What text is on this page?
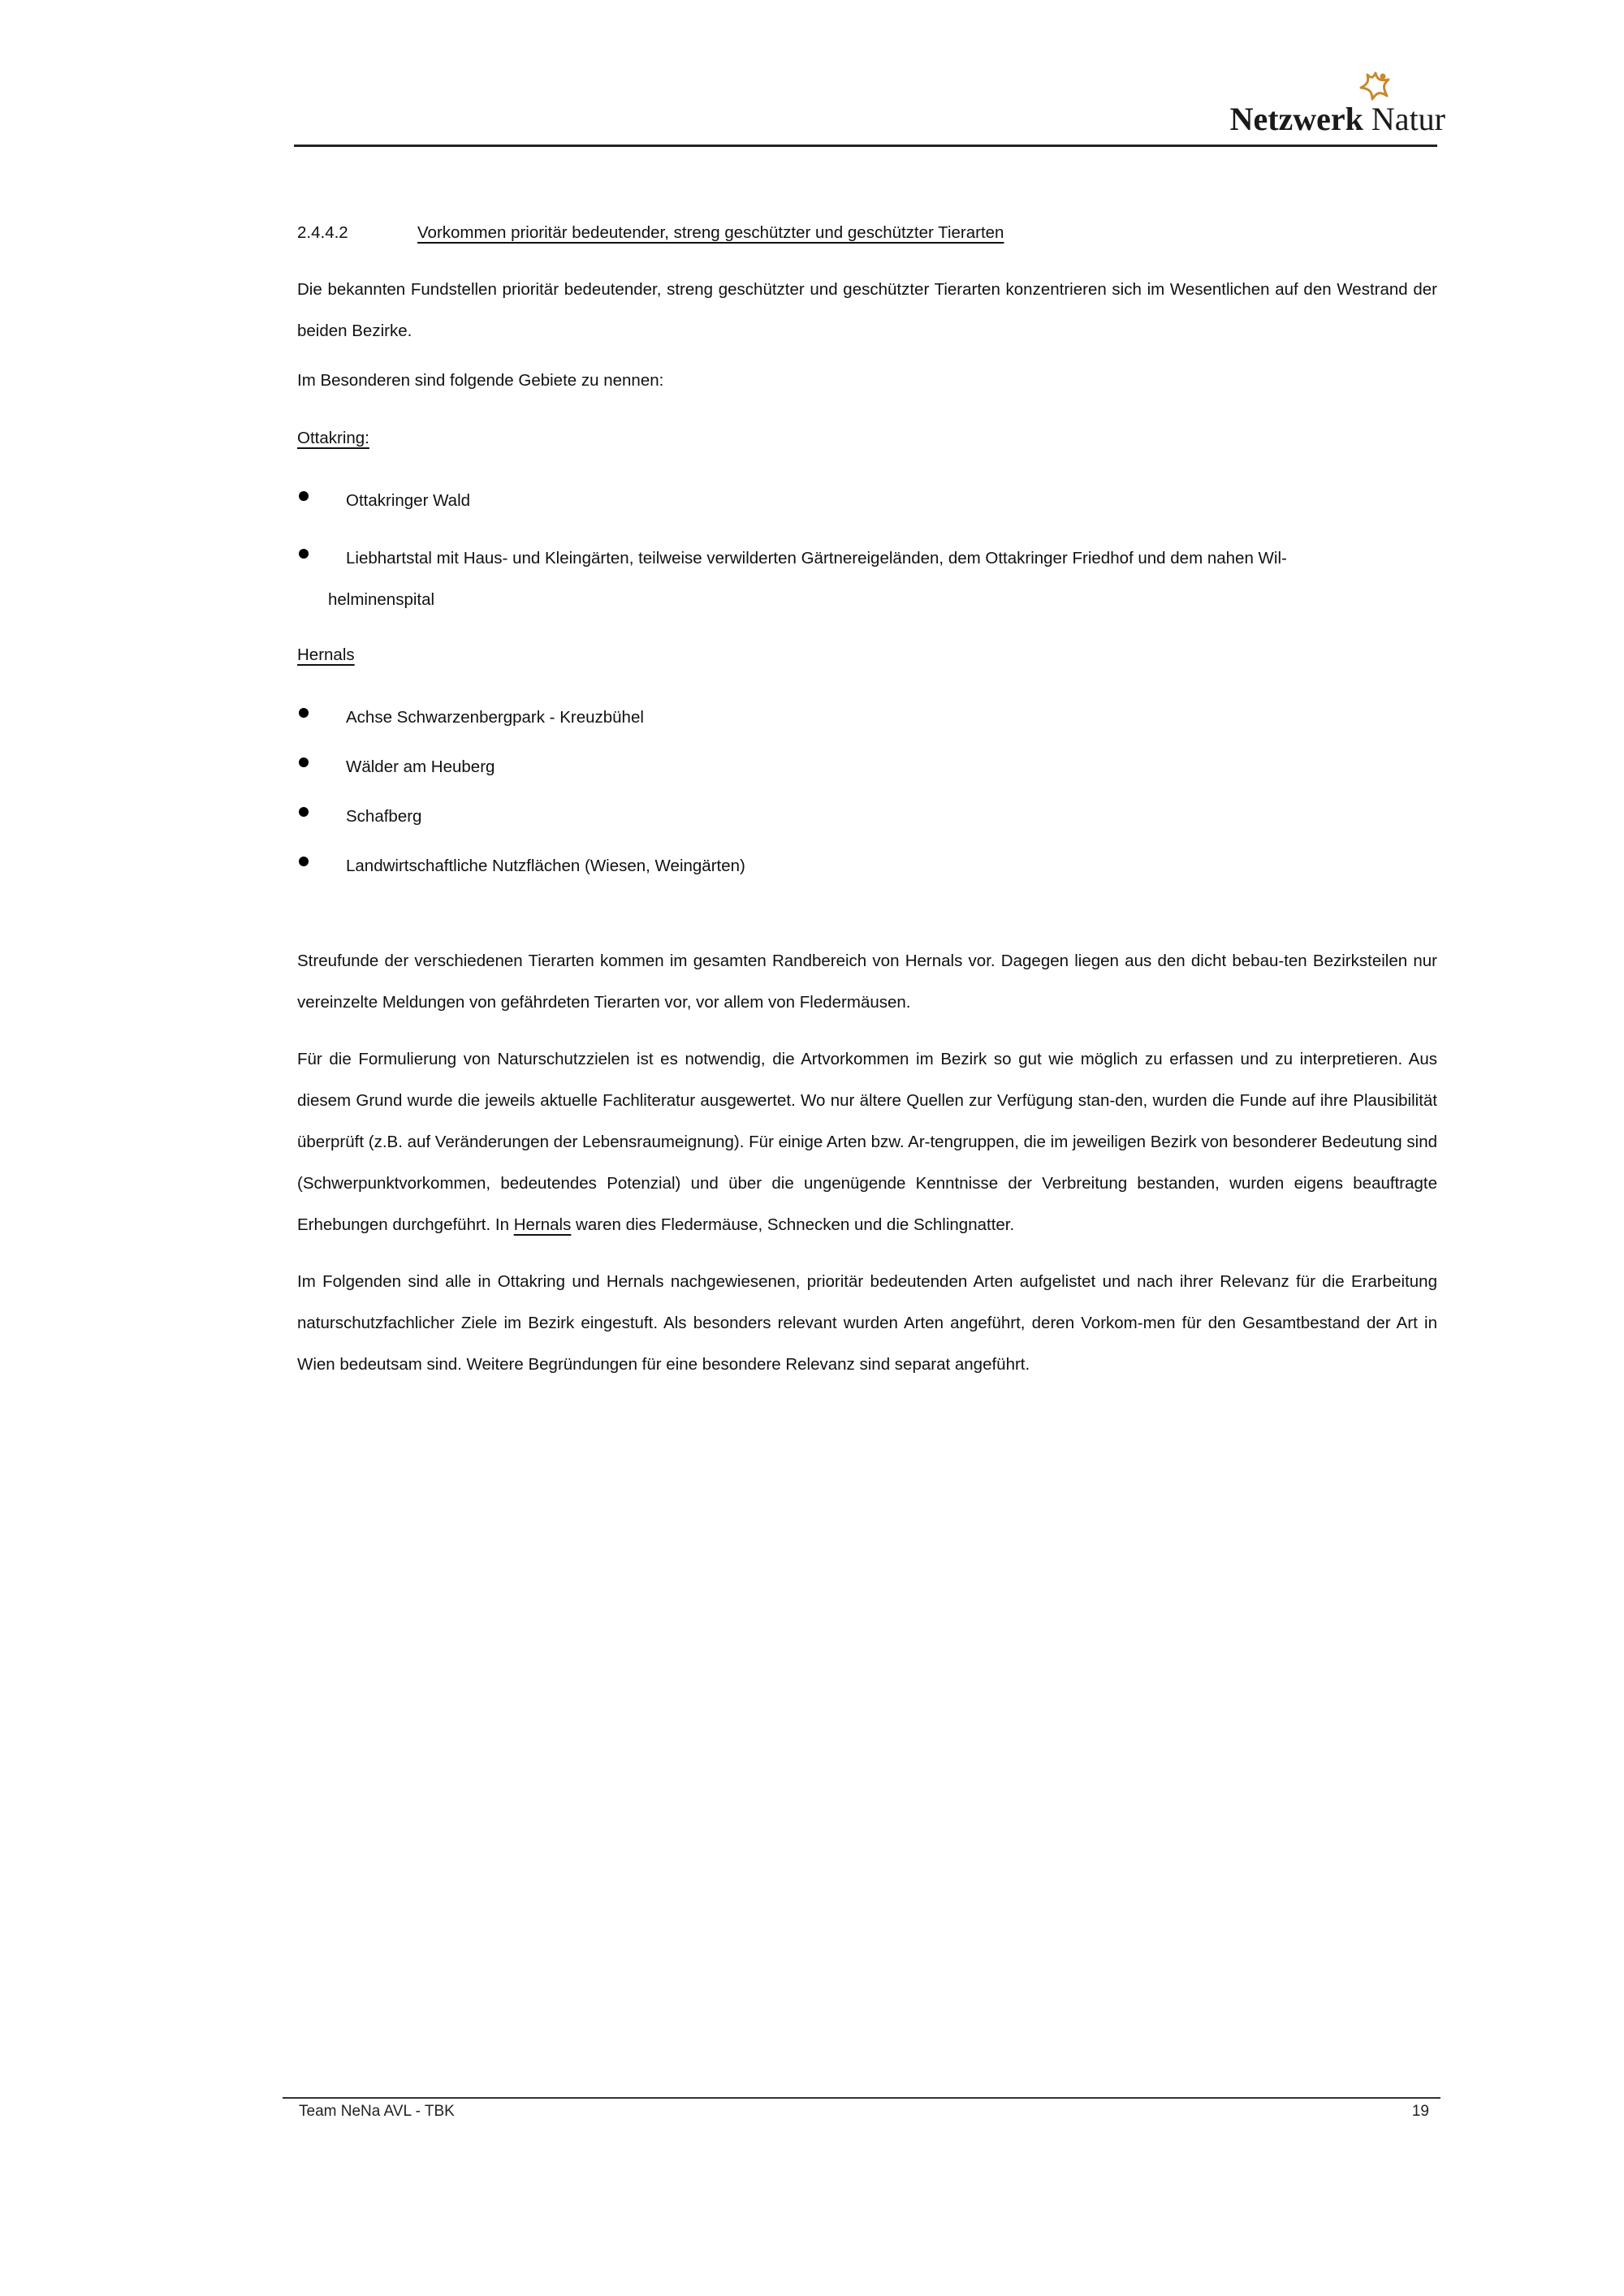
Netzwerk Natur
2.4.4.2	Vorkommen prioritär bedeutender, streng geschützter und geschützter Tierarten

Die bekannten Fundstellen prioritär bedeutender, streng geschützter und geschützter Tierarten konzentrieren sich im Wesentlichen auf den Westrand der beiden Bezirke.

Im Besonderen sind folgende Gebiete zu nennen:

Ottakring:
Ottakringer Wald
Liebhartstal mit Haus- und Kleingärten, teilweise verwilderten Gärtnereigeländen, dem Ottakringer Friedhof und dem nahen Wil-
helminenspital
Hernals
Achse Schwarzenbergpark - Kreuzbühel
Wälder am Heuberg
Schafberg
Landwirtschaftliche Nutzflächen (Wiesen, Weingärten)

Streufunde der verschiedenen Tierarten kommen im gesamten Randbereich von Hernals vor. Dagegen liegen aus den dicht bebau-ten Bezirksteilen nur vereinzelte Meldungen von gefährdeten Tierarten vor, vor allem von Fledermäusen.

Für die Formulierung von Naturschutzzielen ist es notwendig, die Artvorkommen im Bezirk so gut wie möglich zu erfassen und zu interpretieren. Aus diesem Grund wurde die jeweils aktuelle Fachliteratur ausgewertet. Wo nur ältere Quellen zur Verfügung stan-den, wurden die Funde auf ihre Plausibilität überprüft (z.B. auf Veränderungen der Lebensraumeignung). Für einige Arten bzw. Ar-tengruppen, die im jeweiligen Bezirk von besonderer Bedeutung sind (Schwerpunktvorkommen, bedeutendes Potenzial) und über die ungenügende Kenntnisse der Verbreitung bestanden, wurden eigens beauftragte Erhebungen durchgeführt. In Hernals waren dies Fledermäuse, Schnecken und die Schlingnatter.

Im Folgenden sind alle in Ottakring und Hernals nachgewiesenen, prioritär bedeutenden Arten aufgelistet und nach ihrer Relevanz für die Erarbeitung naturschutzfachlicher Ziele im Bezirk eingestuft. Als besonders relevant wurden Arten angeführt, deren Vorkom-men für den Gesamtbestand der Art in Wien bedeutsam sind. Weitere Begründungen für eine besondere Relevanz sind separat angeführt.

Team NeNa AVL - TBK	19
